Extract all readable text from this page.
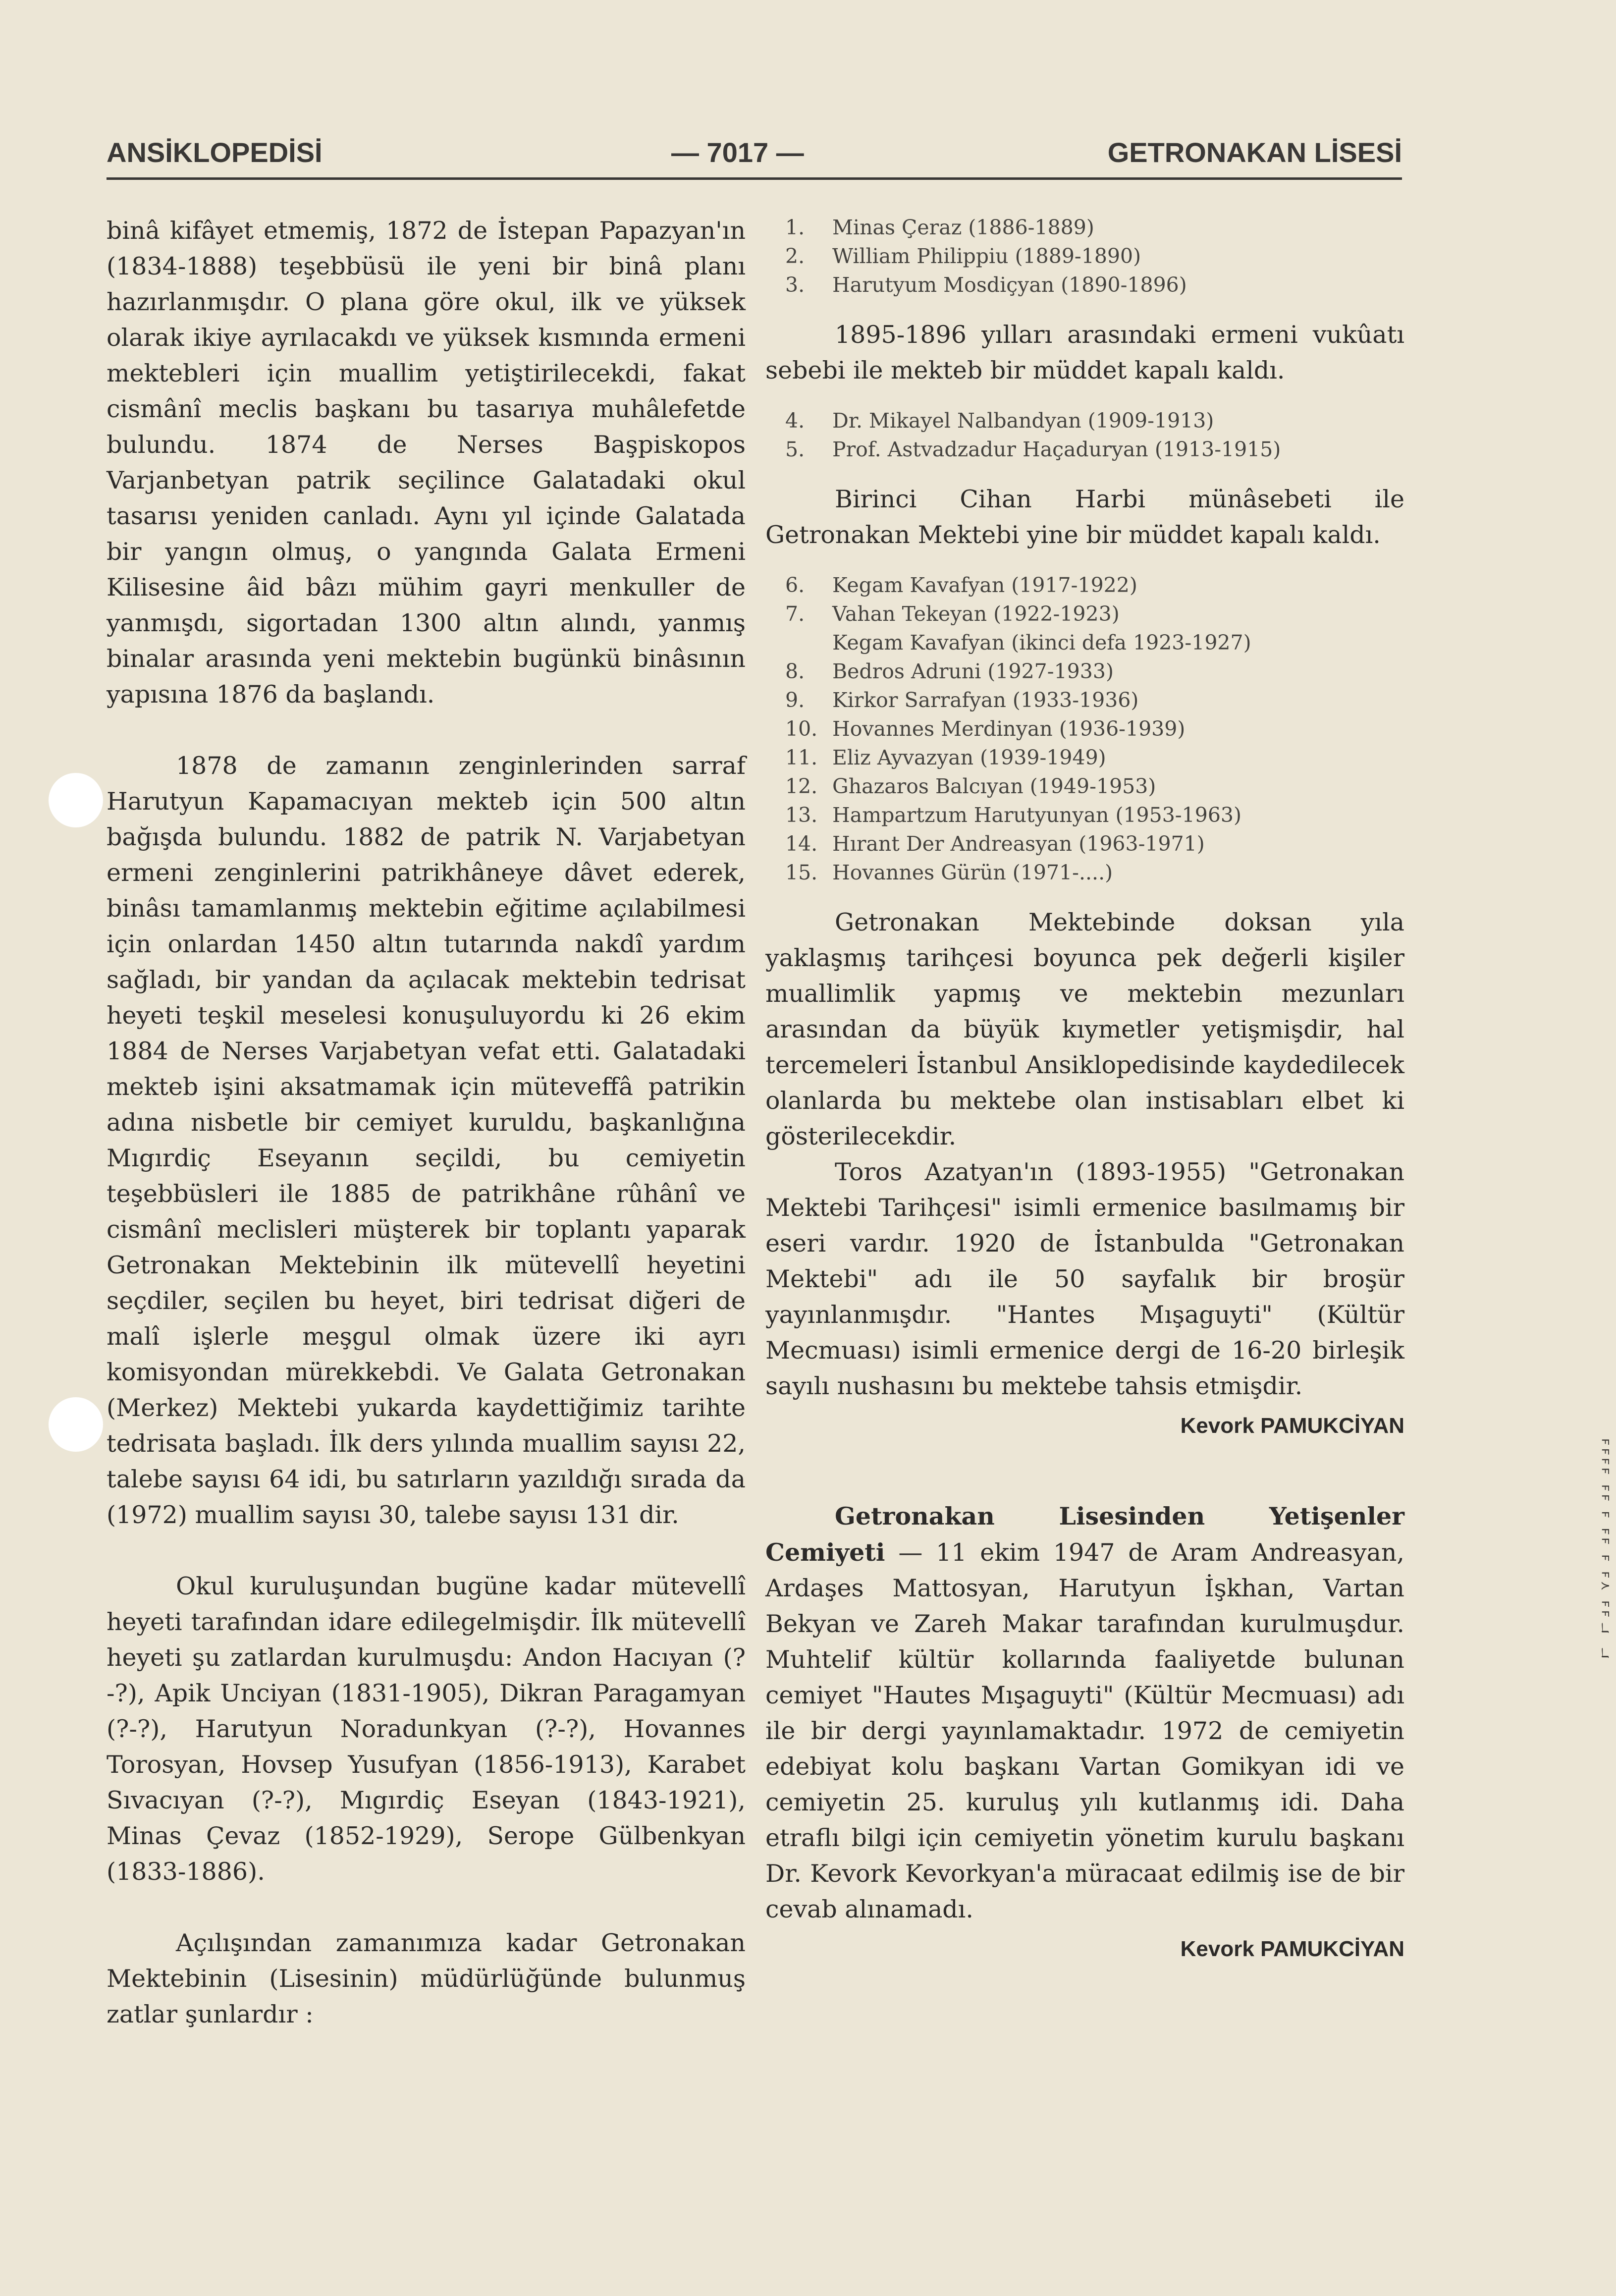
ANSİKLOPEDİSİ	— 7017 —	GETRONAKAN LİSESİ

binâ kifâyet etmemiş, 1872 de İstepan Papazyan'ın (1834-1888) teşebbüsü ile yeni bir binâ planı hazırlanmışdır. O plana göre okul, ilk ve yüksek olarak ikiye ayrılacakdı ve yüksek kısmında ermeni mektebleri için muallim yetiştirilecekdi, fakat cismânî meclis başkanı bu tasarıya muhâlefetde bulundu. 1874 de Nerses Başpiskopos Varjanbetyan patrik seçilince Galatadaki okul tasarısı yeniden canladı. Aynı yıl içinde Galatada bir yangın olmuş, o yangında Galata Ermeni Kilisesine âid bâzı mühim gayri menkuller de yanmışdı, sigortadan 1300 altın alındı, yanmış binalar arasında yeni mektebin bugünkü binâsının yapısına 1876 da başlandı.

1878 de zamanın zenginlerinden sarraf Harutyun Kapamacıyan mekteb için 500 altın bağışda bulundu. 1882 de patrik N. Varjabetyan ermeni zenginlerini patrikhâneye dâvet ederek, binâsı tamamlanmış mektebin eğitime açılabilmesi için onlardan 1450 altın tutarında nakdî yardım sağladı, bir yandan da açılacak mektebin tedrisat heyeti teşkil meselesi konuşuluyordu ki 26 ekim 1884 de Nerses Varjabetyan vefat etti. Galatadaki mekteb işini aksatmamak için müteveffâ patrikin adına nisbetle bir cemiyet kuruldu, başkanlığına Mıgırdiç Eseyanın seçildi, bu cemiyetin teşebbüsleri ile 1885 de patrikhâne rûhânî ve cismânî meclisleri müşterek bir toplantı yaparak Getronakan Mektebinin ilk mütevellî heyetini seçdiler, seçilen bu heyet, biri tedrisat diğeri de malî işlerle meşgul olmak üzere iki ayrı komisyondan mürekkebdi. Ve Galata Getronakan (Merkez) Mektebi yukarda kaydettiğimiz tarihte tedrisata başladı. İlk ders yılında muallim sayısı 22, talebe sayısı 64 idi, bu satırların yazıldığı sırada da (1972) muallim sayısı 30, talebe sayısı 131 dir.

Okul kuruluşundan bugüne kadar mütevellî heyeti tarafından idare edilegelmişdir. İlk mütevellî heyeti şu zatlardan kurulmuşdu: Andon Hacıyan (?-?), Apik Unciyan (1831-1905), Dikran Paragamyan (?-?), Harutyun Noradunkyan (?-?), Hovannes Torosyan, Hovsep Yusufyan (1856-1913), Karabet Sıvacıyan (?-?), Mıgırdiç Eseyan (1843-1921), Minas Çevaz (1852-1929), Serope Gülbenkyan (1833-1886).

Açılışından zamanımıza kadar Getronakan Mektebinin (Lisesinin) müdürlüğünde bulunmuş zatlar şunlardır :

1.	Minas Çeraz (1886-1889)
2.	William Philippiu (1889-1890)
3.	Harutyum Mosdiçyan (1890-1896)

1895-1896 yılları arasındaki ermeni vukûatı sebebi ile mekteb bir müddet kapalı kaldı.

4.	Dr. Mikayel Nalbandyan (1909-1913)
5.	Prof. Astvadzadur Haçaduryan (1913-1915)

Birinci Cihan Harbi münâsebeti ile Getronakan Mektebi yine bir müddet kapalı kaldı.

6.	Kegam Kavafyan (1917-1922)
7.	Vahan Tekeyan (1922-1923)
Kegam Kavafyan (ikinci defa 1923-1927)
8.	Bedros Adruni (1927-1933)
9.	Kirkor Sarrafyan (1933-1936)
10. Hovannes Merdinyan (1936-1939)
11. Eliz Ayvazyan (1939-1949)
12. Ghazaros Balcıyan (1949-1953)
13. Hampartzum Harutyunyan (1953-1963)
14. Hırant Der Andreasyan (1963-1971)
15. Hovannes Gürün (1971-....)

Getronakan Mektebinde doksan yıla yaklaşmış tarihçesi boyunca pek değerli kişiler muallimlik yapmış ve mektebin mezunları arasından da büyük kıymetler yetişmişdir, hal tercemeleri İstanbul Ansiklopedisinde kaydedilecek olanlarda bu mektebe olan instisabları elbet ki gösterilecekdir.

Toros Azatyan'ın (1893-1955) "Getronakan Mektebi Tarihçesi" isimli ermenice basılmamış bir eseri vardır. 1920 de İstanbulda "Getronakan Mektebi" adı ile 50 sayfalık bir broşür yayınlanmışdır. "Hantes Mışaguyti" (Kültür Mecmuası) isimli ermenice dergi de 16-20 birleşik sayılı nushasını bu mektebe tahsis etmişdir.

Kevork PAMUKCİYAN

Getronakan Lisesinden Yetişenler Cemiyeti — 11 ekim 1947 de Aram Andreasyan, Ardaşes Mattosyan, Harutyun İşkhan, Vartan Bekyan ve Zareh Makar tarafından kurulmuşdur. Muhtelif kültür kollarında faaliyetde bulunan cemiyet "Hautes Mışaguyti" (Kültür Mecmuası) adı ile bir dergi yayınlamaktadır. 1972 de cemiyetin edebiyat kolu başkanı Vartan Gomikyan idi ve cemiyetin 25. kuruluş yılı kutlanmış idi. Daha etraflı bilgi için cemiyetin yönetim kurulu başkanı Dr. Kevork Kevorkyan'a müracaat edilmiş ise de bir cevab alınamadı.

Kevork PAMUKCİYAN
ℸ ℸⅎⅎ ⋎ⅎ ⅎ ⅎⅎ ⅎ ⅎⅎ ⅎⅎⅎⅎ
